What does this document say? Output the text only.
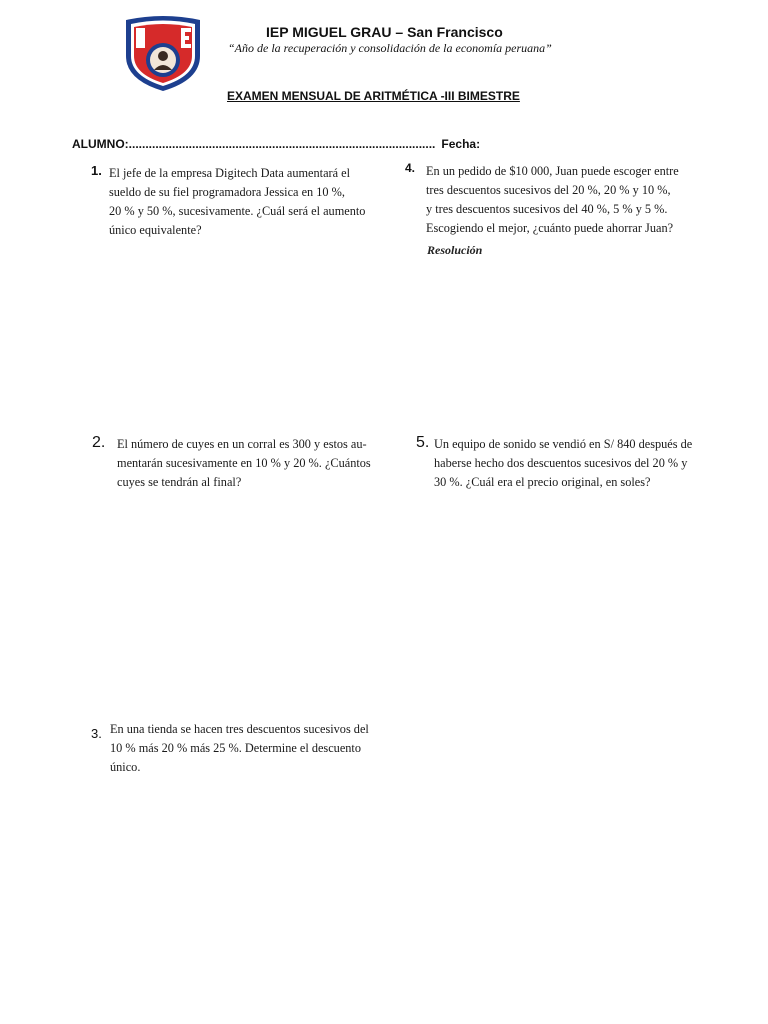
IEP MIGUEL GRAU – San Francisco
“Año de la recuperación y consolidación de la economía peruana”
EXAMEN MENSUAL DE ARITMÉTICA -III BIMESTRE
ALUMNO:............................................................................................ Fecha:
1. El jefe de la empresa Digitech Data aumentará el
sueldo de su fiel programadora Jessica en 10 %,
20 % y 50 %, sucesivamente. ¿Cuál será el aumento
único equivalente?
4. En un pedido de $10 000, Juan puede escoger entre
tres descuentos sucesivos del 20 %, 20 % y 10 %,
y tres descuentos sucesivos del 40 %, 5 % y 5 %.
Escogiendo el mejor, ¿cuánto puede ahorrar Juan?
Resolución
2. El número de cuyes en un corral es 300 y estos au-
mentarán sucesivamente en 10 % y 20 %. ¿Cuántos
cuyes se tendrán al final?
5. Un equipo de sonido se vendió en S/ 840 después de
haberse hecho dos descuentos sucesivos del 20 % y
30 %. ¿Cuál era el precio original, en soles?
3. En una tienda se hacen tres descuentos sucesivos del
10 % más 20 % más 25 %. Determine el descuento
único.
